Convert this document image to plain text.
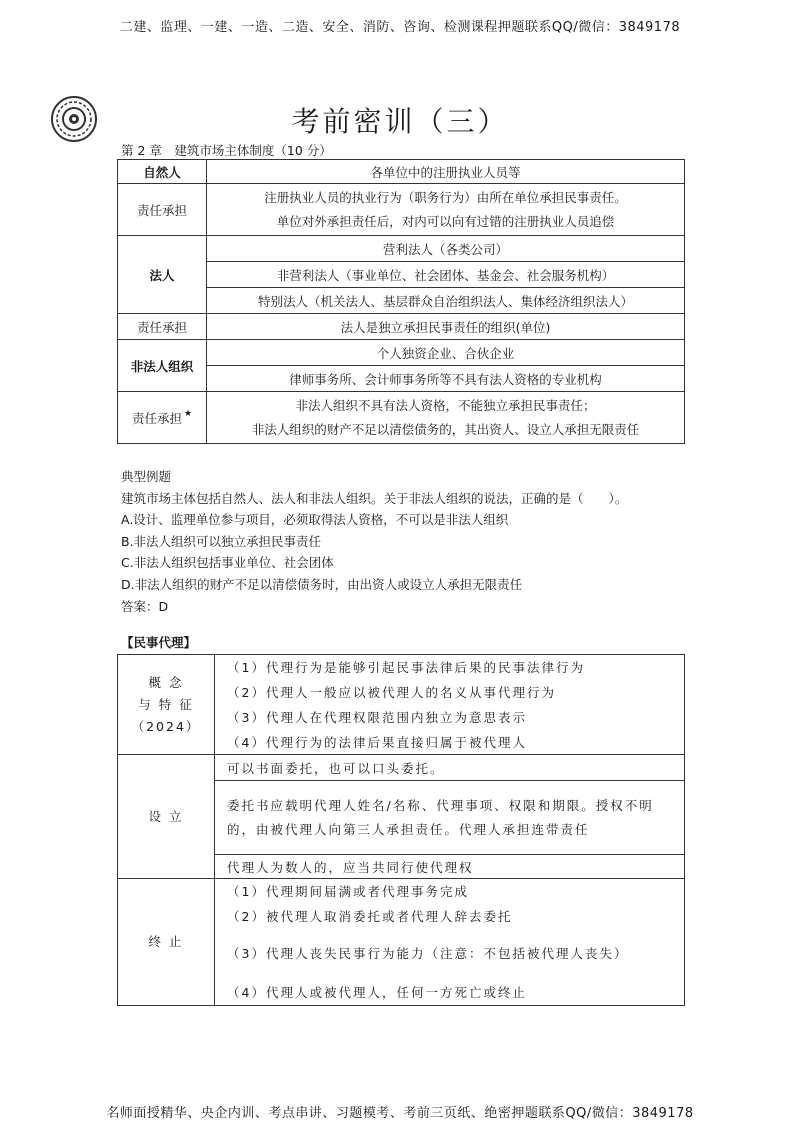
二建、监理、一建、一造、二造、安全、消防、咨询、检测课程押题联系QQ/微信：3849178
考前密训（三）
第 2 章　建筑市场主体制度（10 分）
自然人	各单位中的注册执业人员等
责任承担	注册执业人员的执业行为（职务行为）由所在单位承担民事责任。
单位对外承担责任后，对内可以向有过错的注册执业人员追偿

法人	营利法人（各类公司）
	非营利法人（事业单位、社会团体、基金会、社会服务机构）
	特别法人（机关法人、基层群众自治组织法人、集体经济组织法人）
责任承担	法人是独立承担民事责任的组织(单位)
非法人组织	个人独资企业、合伙企业
	律师事务所、会计师事务所等不具有法人资格的专业机构
责任承担 ★	非法人组织不具有法人资格，不能独立承担民事责任；
非法人组织的财产不足以清偿债务的，其出资人、设立人承担无限责任
典型例题
建筑市场主体包括自然人、法人和非法人组织。关于非法人组织的说法，正确的是（　　）。
A.设计、监理单位参与项目，必须取得法人资格，不可以是非法人组织
B.非法人组织可以独立承担民事责任
C.非法人组织包括事业单位、社会团体
D.非法人组织的财产不足以清偿债务时，由出资人或设立人承担无限责任
答案：D
【民事代理】
概 念
与 特 征
（2024）	（1）代理行为是能够引起民事法律后果的民事法律行为
	（2）代理人一般应以被代理人的名义从事代理行为
	（3）代理人在代理权限范围内独立为意思表示
	（4）代理行为的法律后果直接归属于被代理人
设 立	可以书面委托，也可以口头委托。
	委托书应载明代理人姓名/名称、代理事项、权限和期限。授权不明的，由被代理人向第三人承担责任。代理人承担连带责任
	代理人为数人的，应当共同行使代理权
终 止	（1）代理期间届满或者代理事务完成
	（2）被代理人取消委托或者代理人辞去委托
	（3）代理人丧失民事行为能力（注意：不包括被代理人丧失）
	（4）代理人或被代理人，任何一方死亡或终止
名师面授精华、央企内训、考点串讲、习题模考、考前三页纸、绝密押题联系QQ/微信：3849178
